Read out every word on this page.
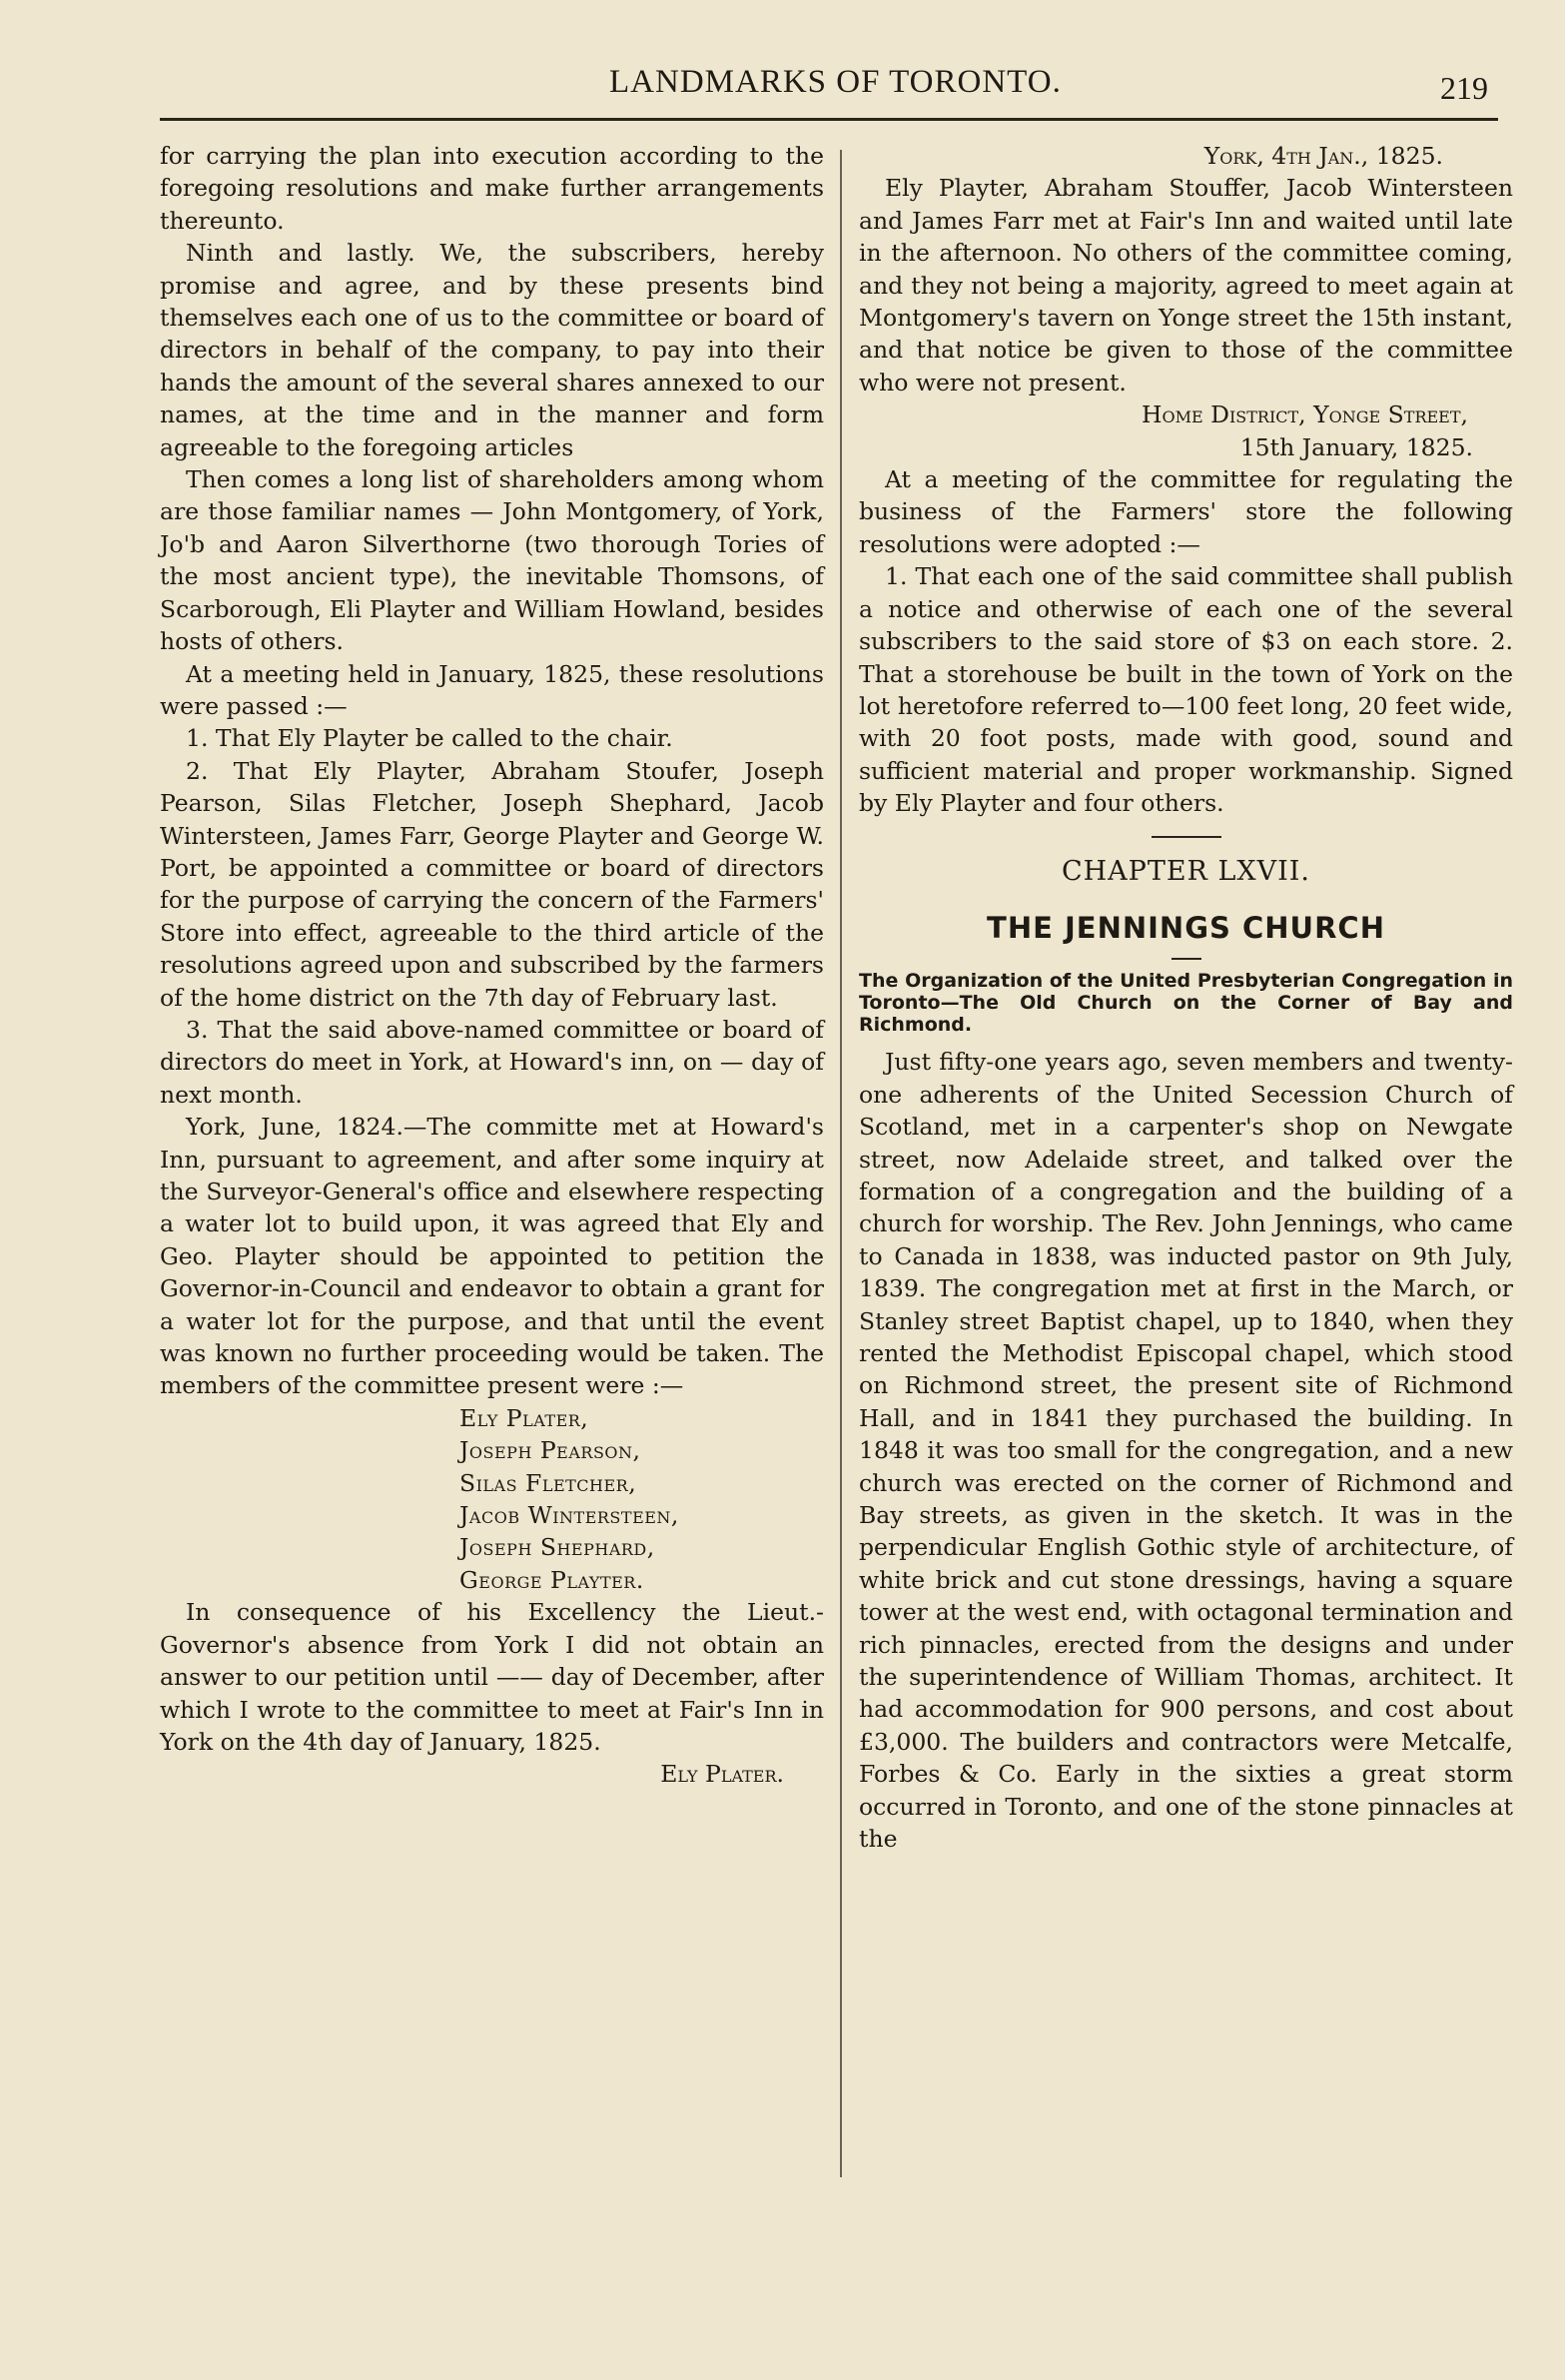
LANDMARKS OF TORONTO.	219

for carrying the plan into execution according to the foregoing resolutions and make further arrangements thereunto.

Ninth and lastly. We, the subscribers, hereby promise and agree, and by these presents bind themselves each one of us to the committee or board of directors in behalf of the company, to pay into their hands the amount of the several shares annexed to our names, at the time and in the manner and form agreeable to the foregoing articles

Then comes a long list of shareholders among whom are those familiar names — John Montgomery, of York, Jo'b and Aaron Silverthorne (two thorough Tories of the most ancient type), the inevitable Thomsons, of Scarborough, Eli Playter and William Howland, besides hosts of others.

At a meeting held in January, 1825, these resolutions were passed :—

1. That Ely Playter be called to the chair.

2. That Ely Playter, Abraham Stoufer, Joseph Pearson, Silas Fletcher, Joseph Shephard, Jacob Wintersteen, James Farr, George Playter and George W. Port, be appointed a committee or board of directors for the purpose of carrying the concern of the Farmers' Store into effect, agreeable to the third article of the resolutions agreed upon and subscribed by the farmers of the home district on the 7th day of February last.

3. That the said above-named committee or board of directors do meet in York, at Howard's inn, on — day of next month.

York, June, 1824.—The committe met at Howard's Inn, pursuant to agreement, and after some inquiry at the Surveyor-General's office and elsewhere respecting a water lot to build upon, it was agreed that Ely and Geo. Playter should be appointed to petition the Governor-in-Council and endeavor to obtain a grant for a water lot for the purpose, and that until the event was known no further proceeding would be taken. The members of the committee present were :—

Ely Plater,

Joseph Pearson,

Silas Fletcher,

Jacob Wintersteen,

Joseph Shephard,

George Playter.

In consequence of his Excellency the Lieut.-Governor's absence from York I did not obtain an answer to our petition until —— day of December, after which I wrote to the committee to meet at Fair's Inn in York on the 4th day of January, 1825.

Ely Plater.

York, 4th Jan., 1825.

Ely Playter, Abraham Stouffer, Jacob Wintersteen and James Farr met at Fair's Inn and waited until late in the afternoon. No others of the committee coming, and they not being a majority, agreed to meet again at Montgomery's tavern on Yonge street the 15th instant, and that notice be given to those of the committee who were not present.

Home District, Yonge Street,

15th January, 1825.

At a meeting of the committee for regulating the business of the Farmers' store the following resolutions were adopted :—

1. That each one of the said committee shall publish a notice and otherwise of each one of the several subscribers to the said store of $3 on each store. 2. That a storehouse be built in the town of York on the lot heretofore referred to—100 feet long, 20 feet wide, with 20 foot posts, made with good, sound and sufficient material and proper workmanship. Signed by Ely Playter and four others.

CHAPTER LXVII.

THE JENNINGS CHURCH

The Organization of the United Presbyterian Congregation in Toronto—The Old Church on the Corner of Bay and Richmond.

Just fifty-one years ago, seven members and twenty-one adherents of the United Secession Church of Scotland, met in a carpenter's shop on Newgate street, now Adelaide street, and talked over the formation of a congregation and the building of a church for worship. The Rev. John Jennings, who came to Canada in 1838, was inducted pastor on 9th July, 1839. The congregation met at first in the March, or Stanley street Baptist chapel, up to 1840, when they rented the Methodist Episcopal chapel, which stood on Richmond street, the present site of Richmond Hall, and in 1841 they purchased the building. In 1848 it was too small for the congregation, and a new church was erected on the corner of Richmond and Bay streets, as given in the sketch. It was in the perpendicular English Gothic style of architecture, of white brick and cut stone dressings, having a square tower at the west end, with octagonal termination and rich pinnacles, erected from the designs and under the superintendence of William Thomas, architect. It had accommodation for 900 persons, and cost about £3,000. The builders and contractors were Metcalfe, Forbes & Co. Early in the sixties a great storm occurred in Toronto, and one of the stone pinnacles at the
